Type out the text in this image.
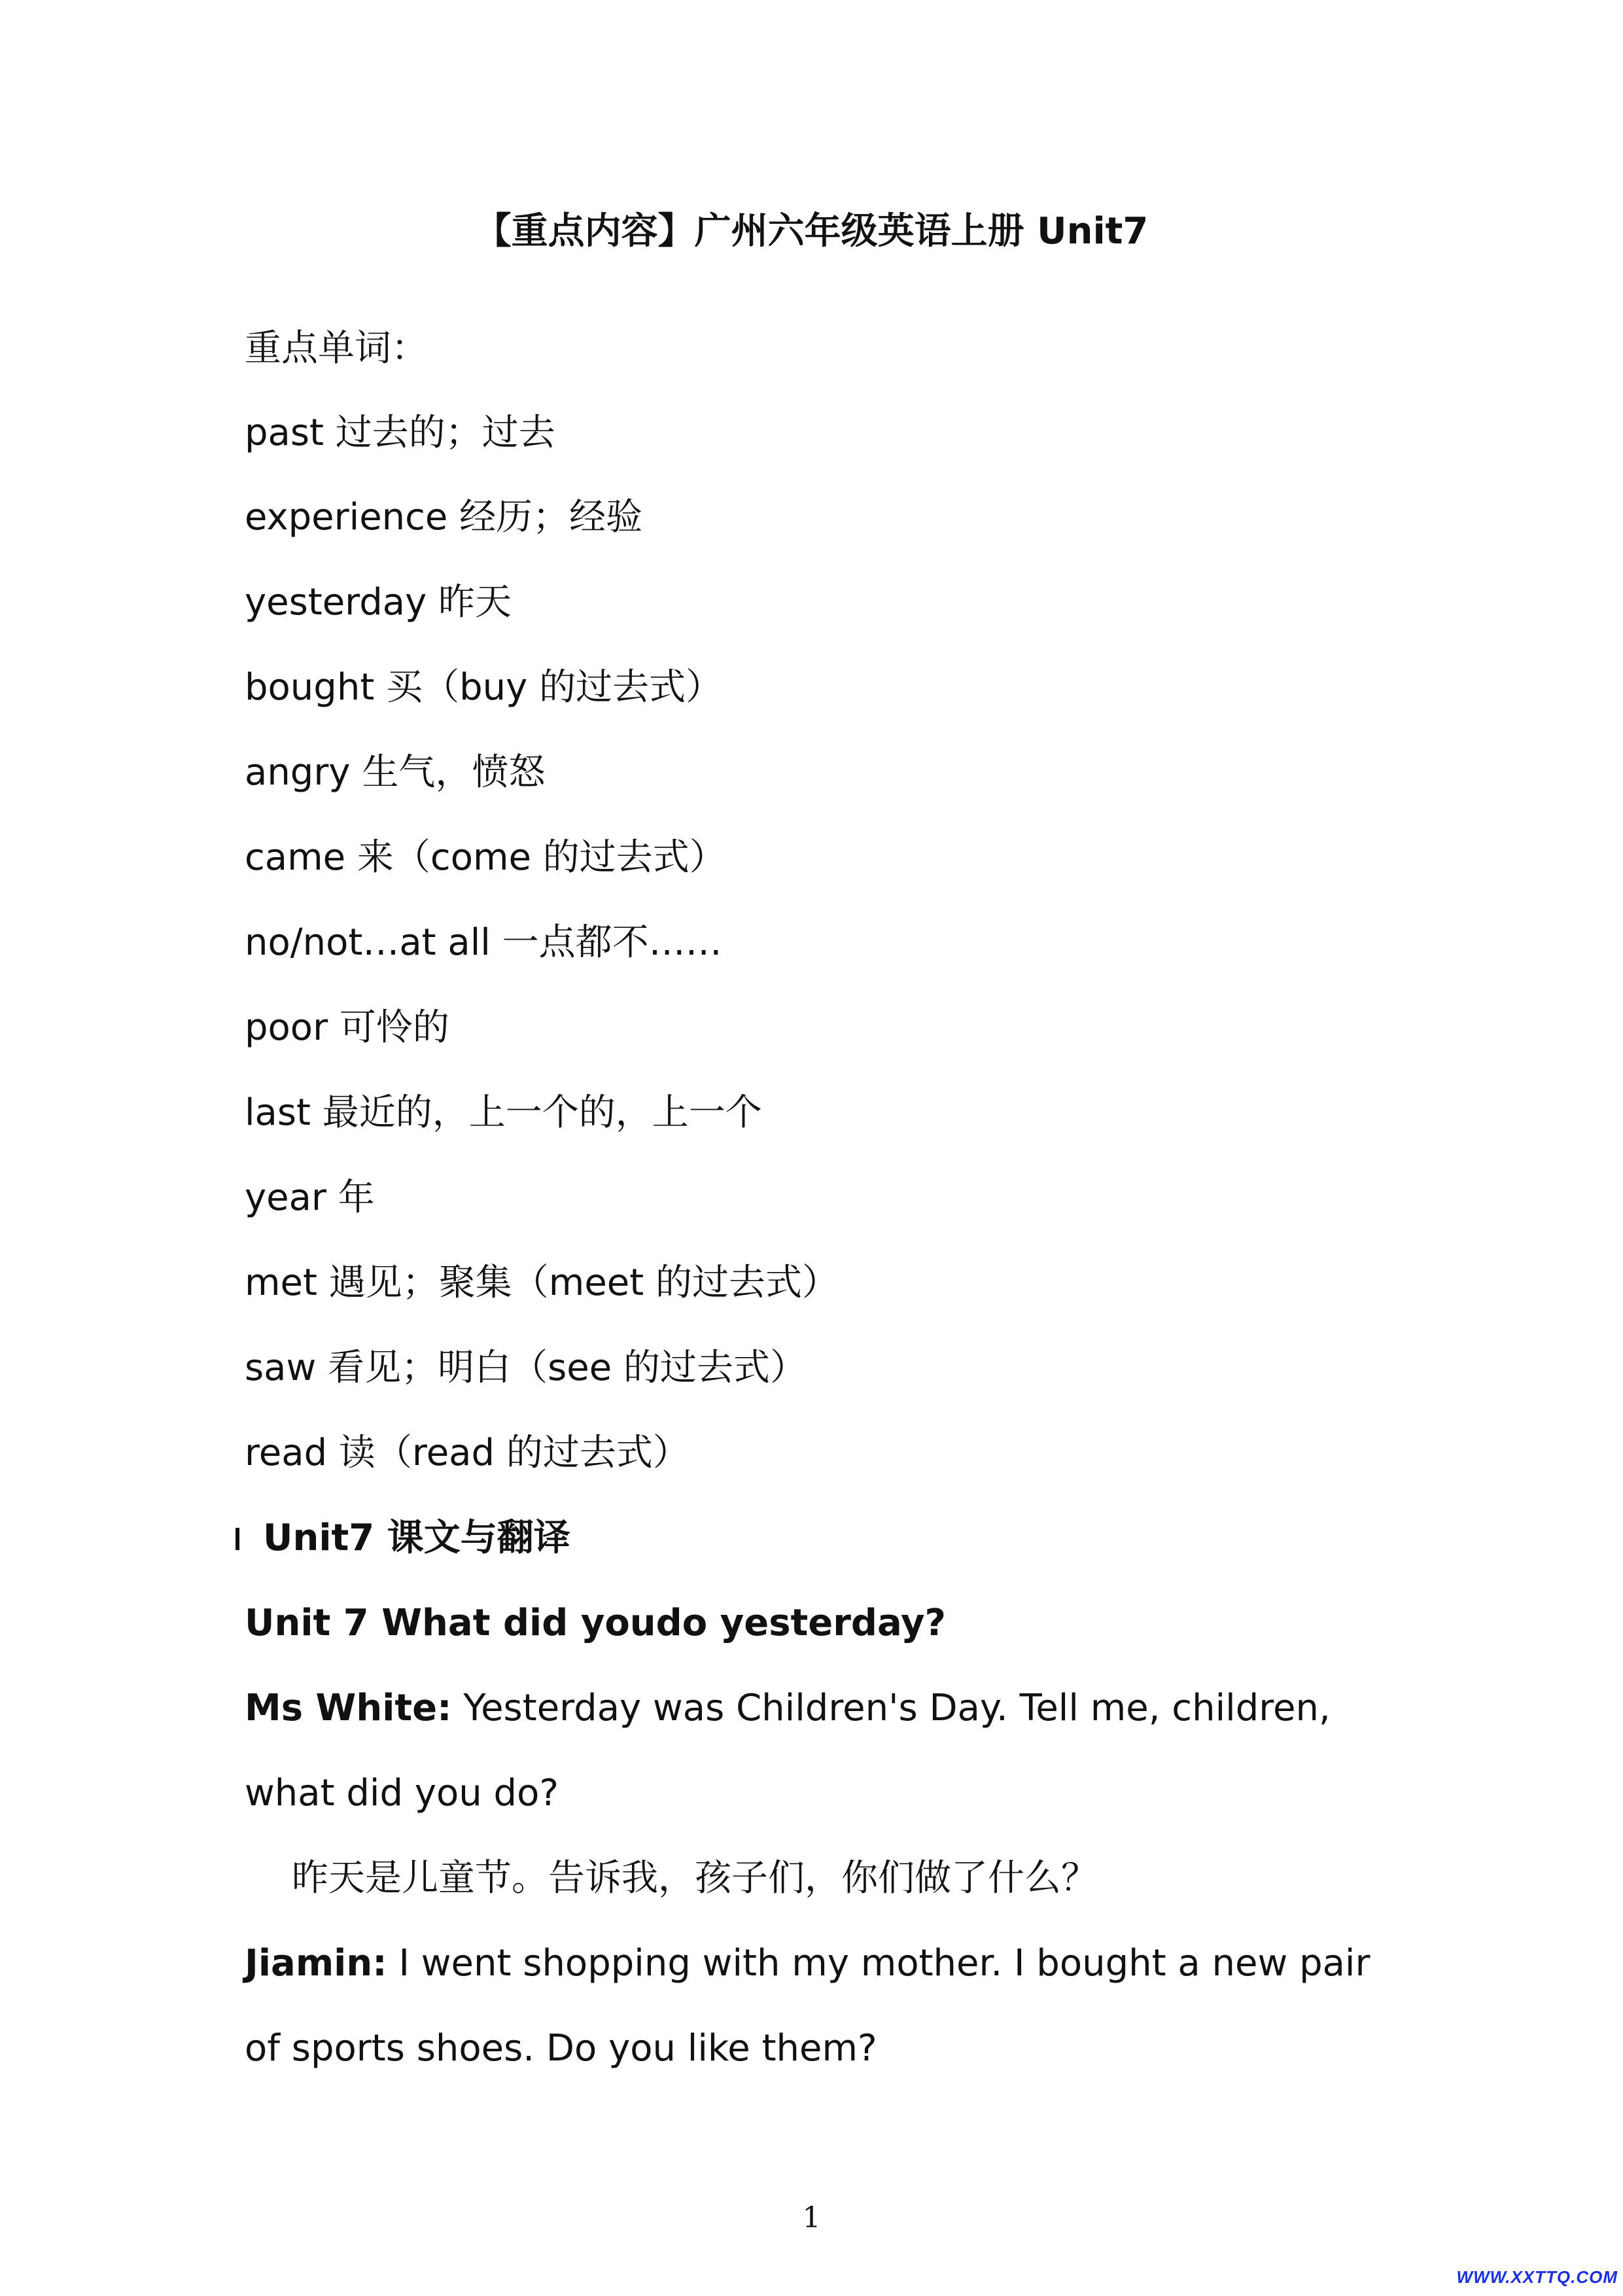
【重点内容】广州六年级英语上册 Unit7
重点单词：
past 过去的；过去
experience 经历；经验
yesterday 昨天
bought 买（buy 的过去式）
angry 生气，愤怒
came 来（come 的过去式）
no/not…at all 一点都不……
poor 可怜的
last 最近的，上一个的，上一个
year 年
met 遇见；聚集（meet 的过去式）
saw 看见；明白（see 的过去式）
read 读（read 的过去式）
Unit7 课文与翻译
Unit 7 What did youdo yesterday?
Ms White: Yesterday was Children's Day. Tell me, children,
what did you do?
昨天是儿童节。告诉我，孩子们，你们做了什么？
Jiamin: I went shopping with my mother. I bought a new pair
of sports shoes. Do you like them?
1
WWW.XXTTQ.COM
